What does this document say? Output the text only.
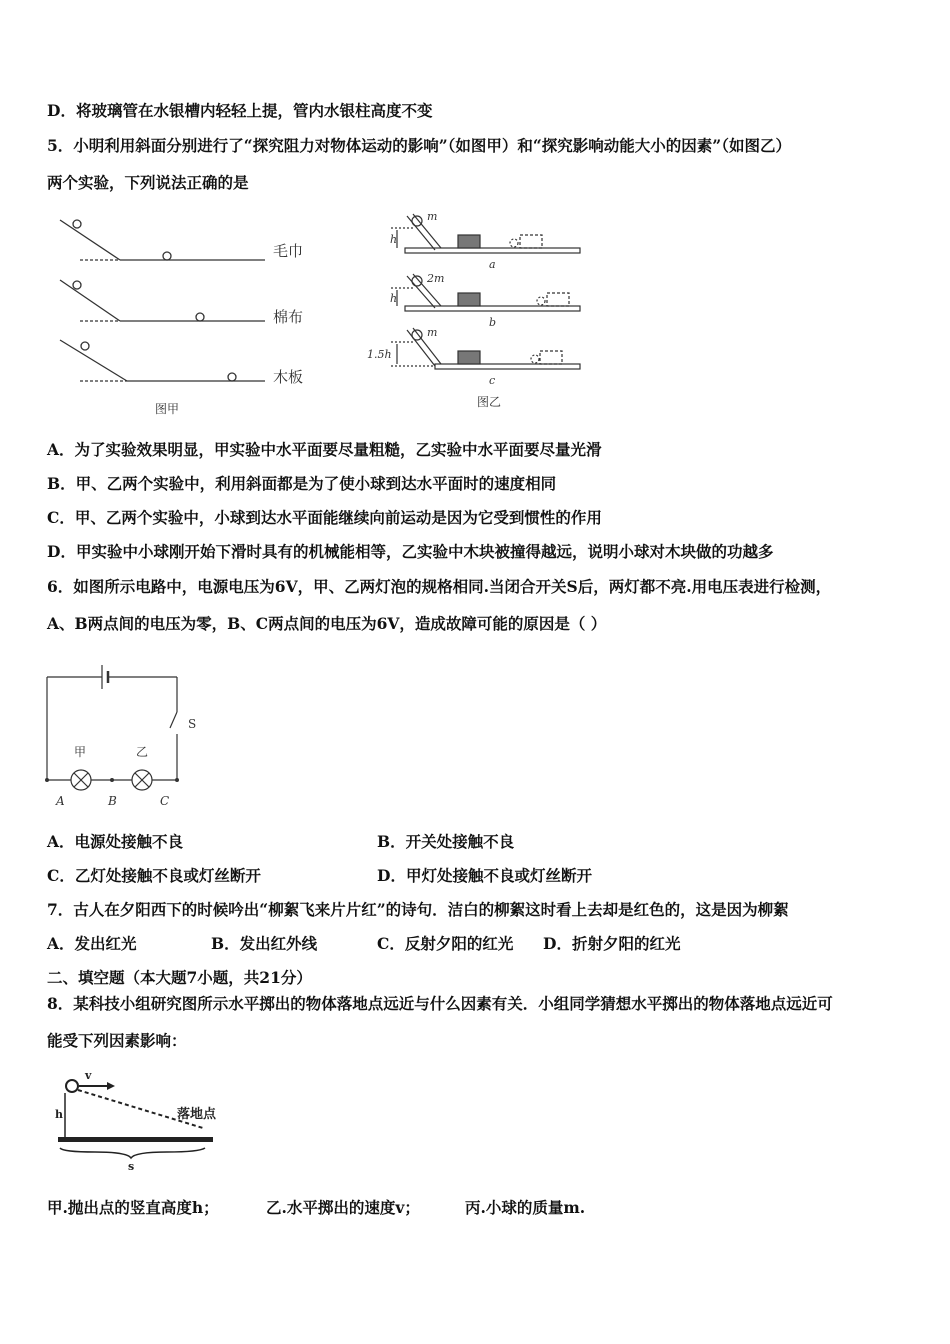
D．将玻璃管在水银槽内轻轻上提，管内水银柱高度不变
5．小明利用斜面分别进行了“探究阻力对物体运动的影响”（如图甲）和“探究影响动能大小的因素”（如图乙）
两个实验，下列说法正确的是
毛巾
棉布
木板
图甲
h
m
a
h
2m
b
1.5h
m
c
图乙
A．为了实验效果明显，甲实验中水平面要尽量粗糙，乙实验中水平面要尽量光滑
B．甲、乙两个实验中，利用斜面都是为了使小球到达水平面时的速度相同
C．甲、乙两个实验中，小球到达水平面能继续向前运动是因为它受到惯性的作用
D．甲实验中小球刚开始下滑时具有的机械能相等，乙实验中木块被撞得越远，说明小球对木块做的功越多
6．如图所示电路中，电源电压为6V，甲、乙两灯泡的规格相同.当闭合开关S后，两灯都不亮.用电压表进行检测，
A、B两点间的电压为零，B、C两点间的电压为6V，造成故障可能的原因是（ ）
S
甲	乙
A	B	C
A．电源处接触不良	B．开关处接触不良
C．乙灯处接触不良或灯丝断开	D．甲灯处接触不良或灯丝断开
7．古人在夕阳西下的时候吟出“柳絮飞来片片红”的诗句．洁白的柳絮这时看上去却是红色的，这是因为柳絮
A．发出红光	B．发出红外线	C．反射夕阳的红光 D．折射夕阳的红光
二、填空题（本大题7小题，共21分）
8．某科技小组研究图所示水平掷出的物体落地点远近与什么因素有关．小组同学猜想水平掷出的物体落地点远近可
能受下列因素影响：
v
h
s
落地点
甲.抛出点的竖直高度h；	乙.水平掷出的速度v；	丙.小球的质量m.
